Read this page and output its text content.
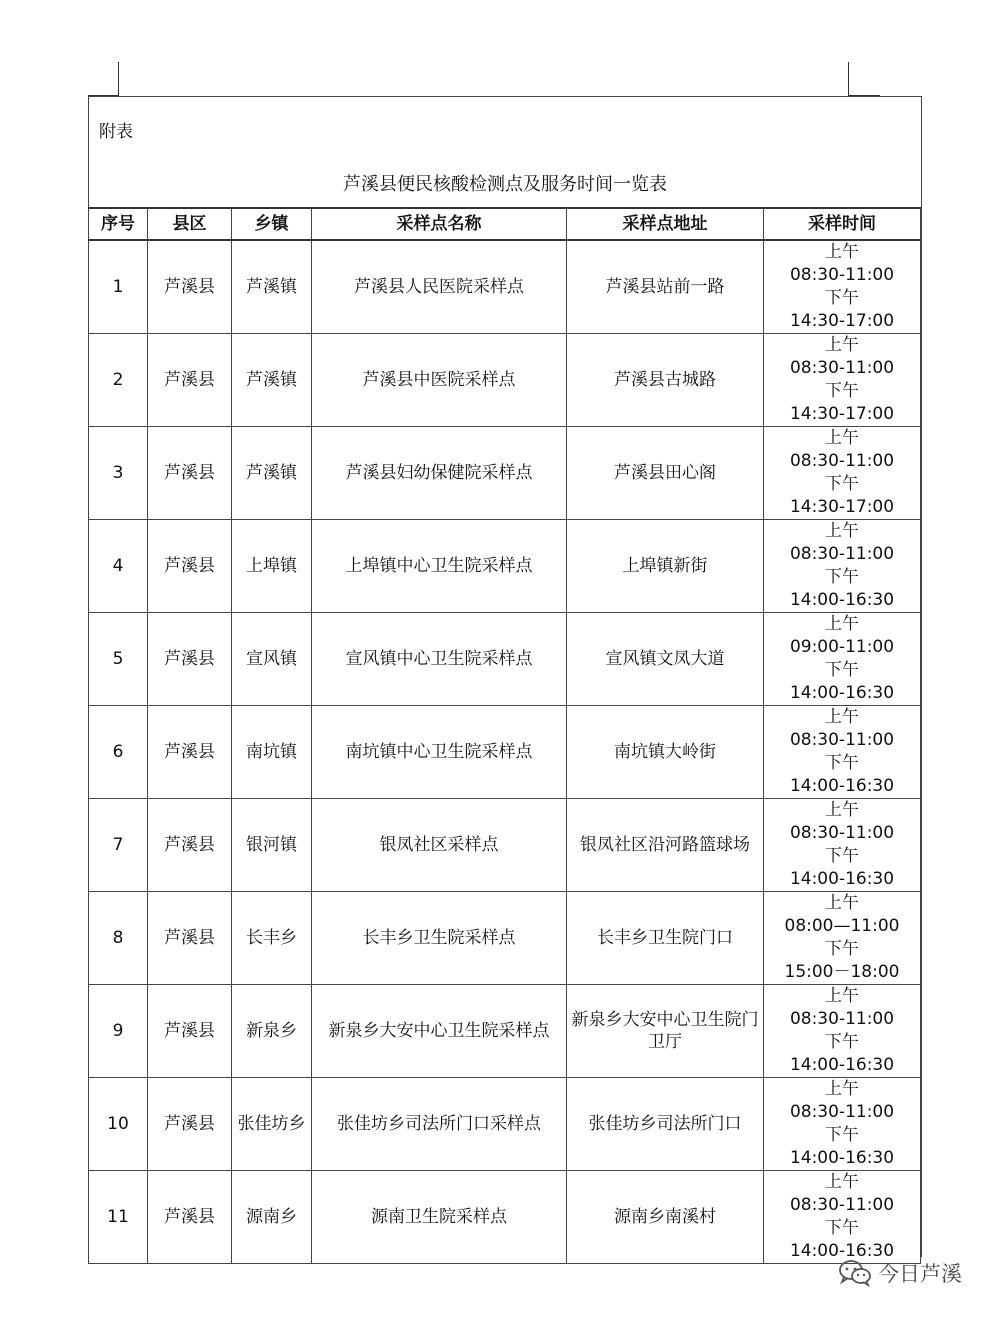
附表
芦溪县便民核酸检测点及服务时间一览表
序号	县区	乡镇	采样点名称	采样点地址	采样时间
1	芦溪县	芦溪镇	芦溪县人民医院采样点	芦溪县站前一路	上午
08:30-11:00
下午
14:30-17:00

2	芦溪县	芦溪镇	芦溪县中医院采样点	芦溪县古城路	上午
08:30-11:00
下午
14:30-17:00

3	芦溪县	芦溪镇	芦溪县妇幼保健院采样点	芦溪县田心阁	上午
08:30-11:00
下午
14:30-17:00

4	芦溪县	上埠镇	上埠镇中心卫生院采样点	上埠镇新街	上午
08:30-11:00
下午
14:00-16:30

5	芦溪县	宣风镇	宣风镇中心卫生院采样点	宣风镇文凤大道	上午
09:00-11:00
下午
14:00-16:30

6	芦溪县	南坑镇	南坑镇中心卫生院采样点	南坑镇大岭街	上午
08:30-11:00
下午
14:00-16:30

7	芦溪县	银河镇	银凤社区采样点	银凤社区沿河路篮球场	上午
08:30-11:00
下午
14:00-16:30

8	芦溪县	长丰乡	长丰乡卫生院采样点	长丰乡卫生院门口	上午
08:00—11:00
下午
15:00－18:00

9	芦溪县	新泉乡	新泉乡大安中心卫生院采样点	新泉乡大安中心卫生院门卫厅	上午
08:30-11:00
下午
14:00-16:30

10	芦溪县	张佳坊乡	张佳坊乡司法所门口采样点	张佳坊乡司法所门口	上午
08:30-11:00
下午
14:00-16:30

11	芦溪县	源南乡	源南卫生院采样点	源南乡南溪村	上午
08:30-11:00
下午
14:00-16:30
今日芦溪
